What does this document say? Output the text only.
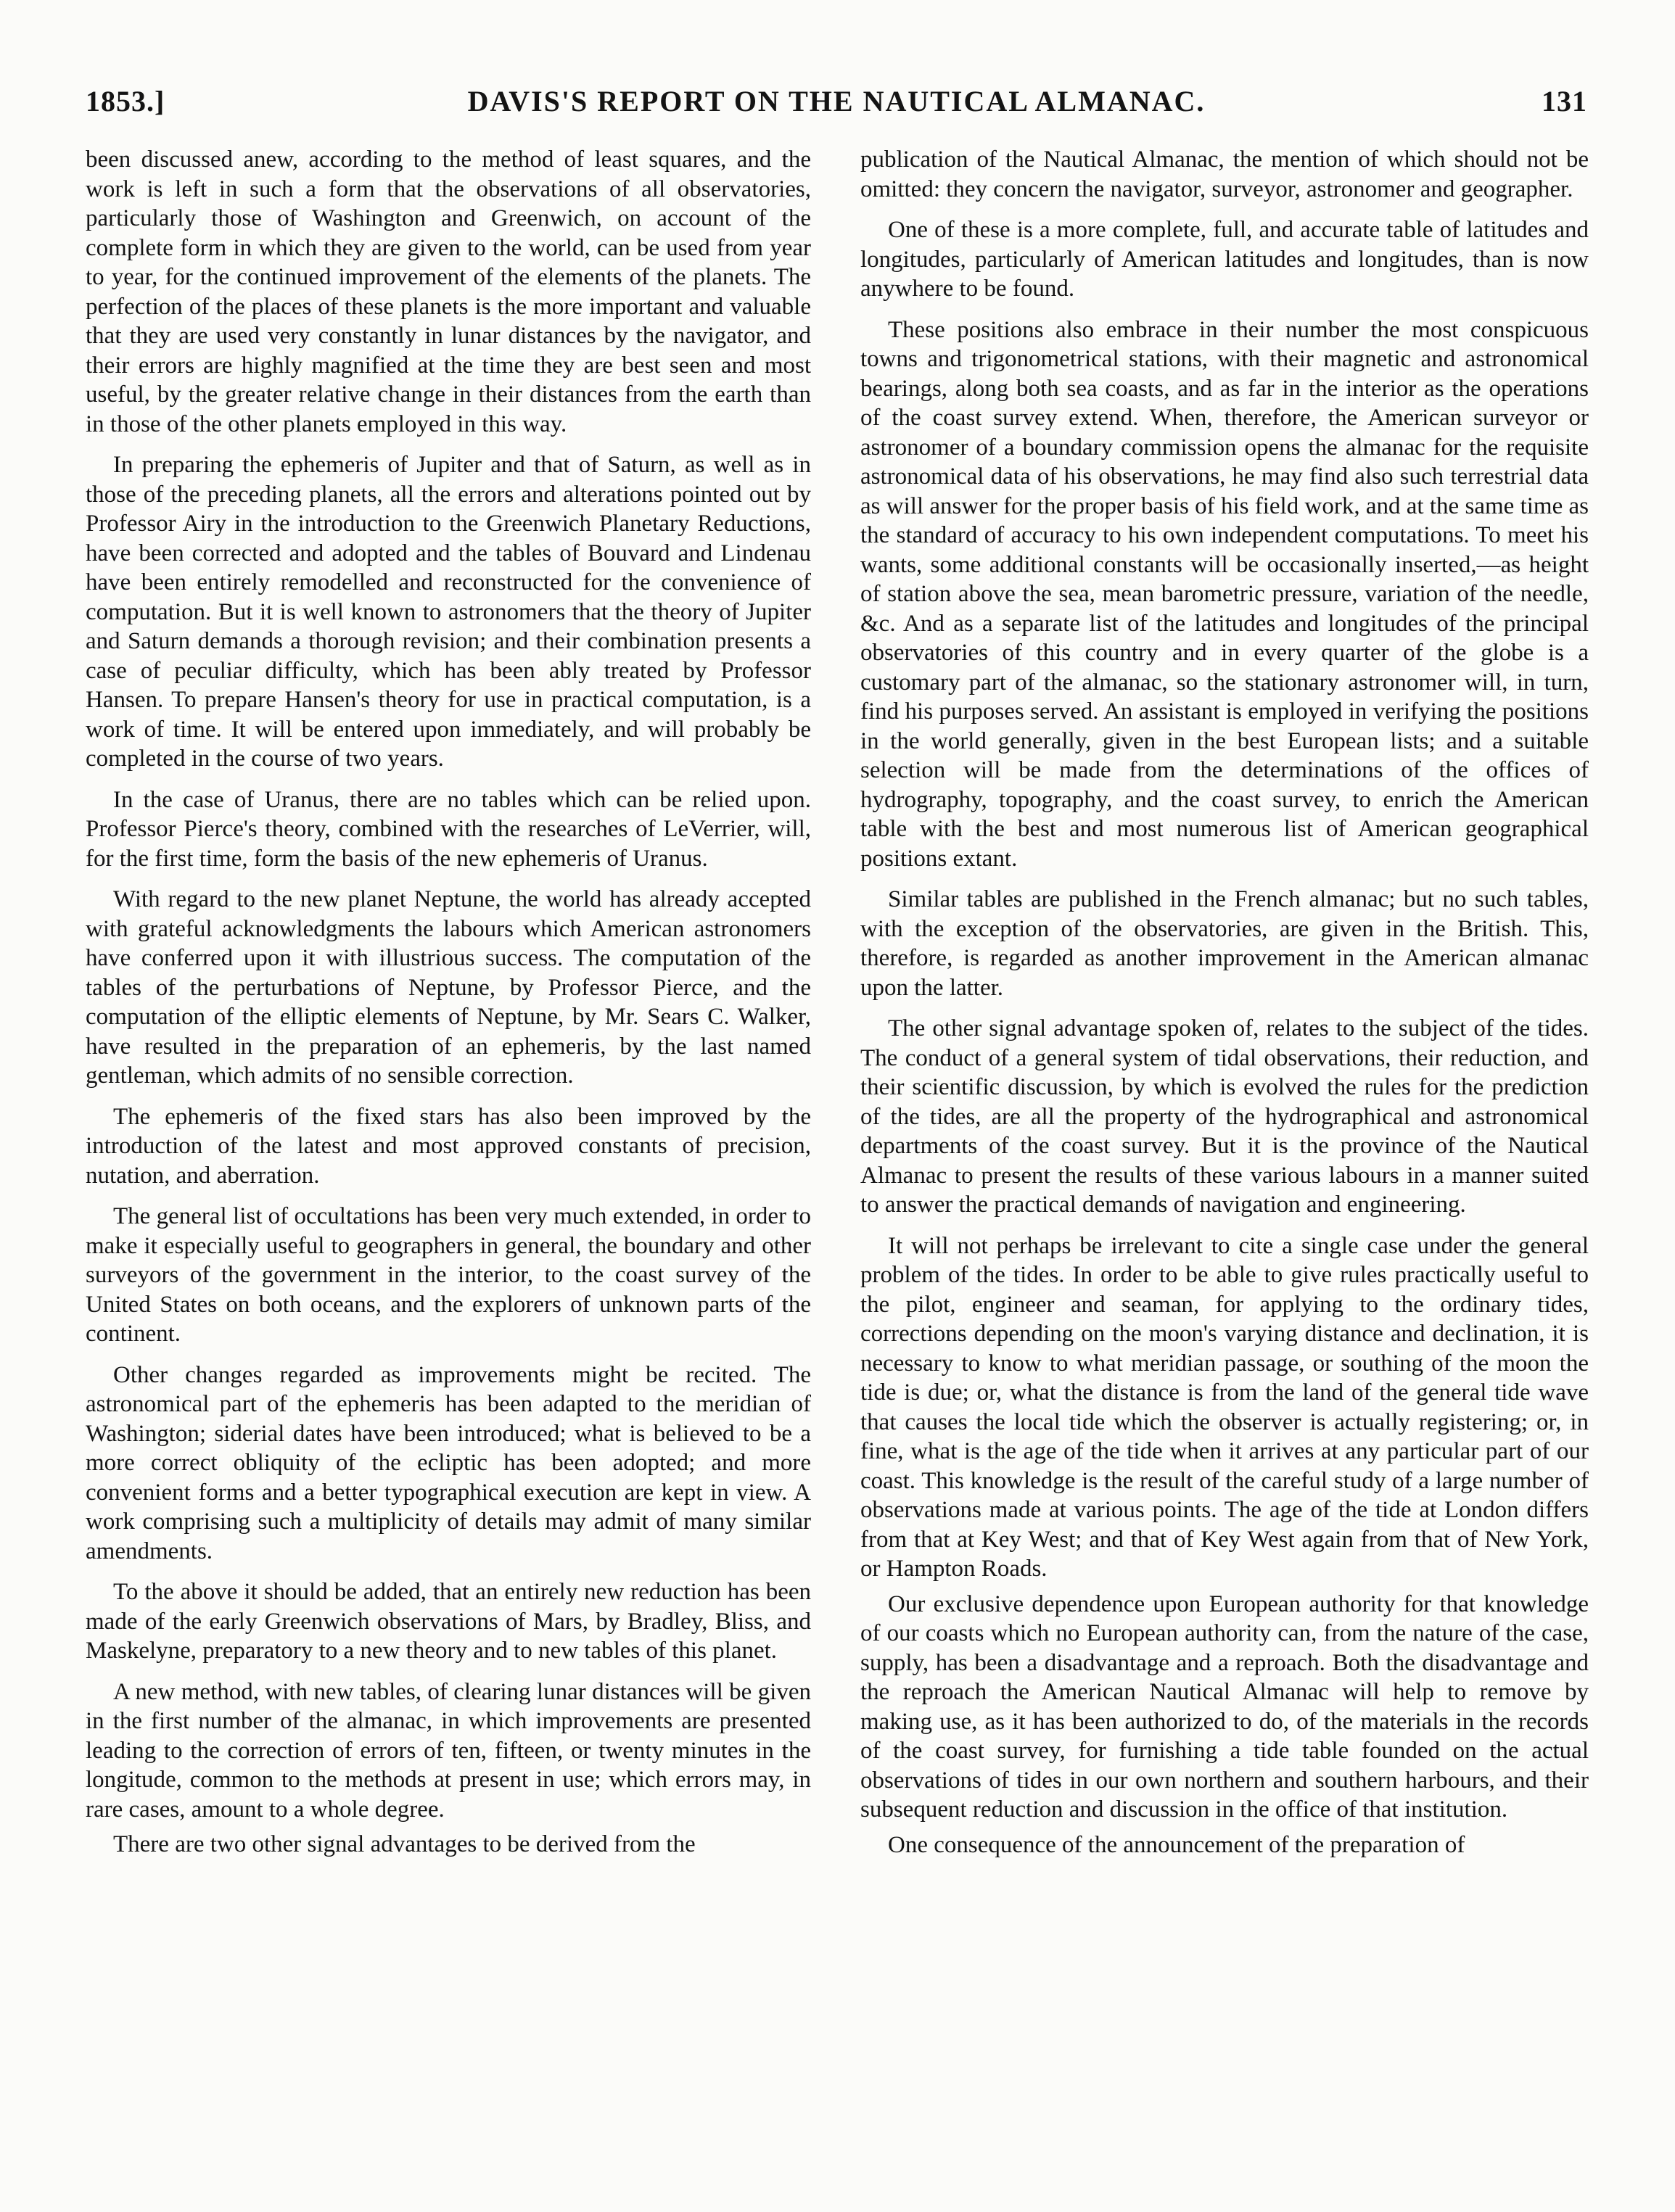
1853.]	DAVIS'S REPORT ON THE NAUTICAL ALMANAC.	131

been discussed anew, according to the method of least squares, and the work is left in such a form that the observations of all observatories, particularly those of Washington and Greenwich, on account of the complete form in which they are given to the world, can be used from year to year, for the continued improvement of the elements of the planets. The perfection of the places of these planets is the more important and valuable that they are used very constantly in lunar distances by the navigator, and their errors are highly magnified at the time they are best seen and most useful, by the greater relative change in their distances from the earth than in those of the other planets employed in this way.

In preparing the ephemeris of Jupiter and that of Saturn, as well as in those of the preceding planets, all the errors and alterations pointed out by Professor Airy in the introduction to the Greenwich Planetary Reductions, have been corrected and adopted and the tables of Bouvard and Lindenau have been entirely remodelled and reconstructed for the convenience of computation. But it is well known to astronomers that the theory of Jupiter and Saturn demands a thorough revision; and their combination presents a case of peculiar difficulty, which has been ably treated by Professor Hansen. To prepare Hansen's theory for use in practical computation, is a work of time. It will be entered upon immediately, and will probably be completed in the course of two years.

In the case of Uranus, there are no tables which can be relied upon. Professor Pierce's theory, combined with the researches of LeVerrier, will, for the first time, form the basis of the new ephemeris of Uranus.

With regard to the new planet Neptune, the world has already accepted with grateful acknowledgments the labours which American astronomers have conferred upon it with illustrious success. The computation of the tables of the perturbations of Neptune, by Professor Pierce, and the computation of the elliptic elements of Neptune, by Mr. Sears C. Walker, have resulted in the preparation of an ephemeris, by the last named gentleman, which admits of no sensible correction.

The ephemeris of the fixed stars has also been improved by the introduction of the latest and most approved constants of precision, nutation, and aberration.

The general list of occultations has been very much extended, in order to make it especially useful to geographers in general, the boundary and other surveyors of the government in the interior, to the coast survey of the United States on both oceans, and the explorers of unknown parts of the continent.

Other changes regarded as improvements might be recited. The astronomical part of the ephemeris has been adapted to the meridian of Washington; siderial dates have been introduced; what is believed to be a more correct obliquity of the ecliptic has been adopted; and more convenient forms and a better typographical execution are kept in view. A work comprising such a multiplicity of details may admit of many similar amendments.

To the above it should be added, that an entirely new reduction has been made of the early Greenwich observations of Mars, by Bradley, Bliss, and Maskelyne, preparatory to a new theory and to new tables of this planet.

A new method, with new tables, of clearing lunar distances will be given in the first number of the almanac, in which improvements are presented leading to the correction of errors of ten, fifteen, or twenty minutes in the longitude, common to the methods at present in use; which errors may, in rare cases, amount to a whole degree.

There are two other signal advantages to be derived from the

publication of the Nautical Almanac, the mention of which should not be omitted: they concern the navigator, surveyor, astronomer and geographer.

One of these is a more complete, full, and accurate table of latitudes and longitudes, particularly of American latitudes and longitudes, than is now anywhere to be found.

These positions also embrace in their number the most conspicuous towns and trigonometrical stations, with their magnetic and astronomical bearings, along both sea coasts, and as far in the interior as the operations of the coast survey extend. When, therefore, the American surveyor or astronomer of a boundary commission opens the almanac for the requisite astronomical data of his observations, he may find also such terrestrial data as will answer for the proper basis of his field work, and at the same time as the standard of accuracy to his own independent computations. To meet his wants, some additional constants will be occasionally inserted,—as height of station above the sea, mean barometric pressure, variation of the needle, &c. And as a separate list of the latitudes and longitudes of the principal observatories of this country and in every quarter of the globe is a customary part of the almanac, so the stationary astronomer will, in turn, find his purposes served. An assistant is employed in verifying the positions in the world generally, given in the best European lists; and a suitable selection will be made from the determinations of the offices of hydrography, topography, and the coast survey, to enrich the American table with the best and most numerous list of American geographical positions extant.

Similar tables are published in the French almanac; but no such tables, with the exception of the observatories, are given in the British. This, therefore, is regarded as another improvement in the American almanac upon the latter.

The other signal advantage spoken of, relates to the subject of the tides. The conduct of a general system of tidal observations, their reduction, and their scientific discussion, by which is evolved the rules for the prediction of the tides, are all the property of the hydrographical and astronomical departments of the coast survey. But it is the province of the Nautical Almanac to present the results of these various labours in a manner suited to answer the practical demands of navigation and engineering.

It will not perhaps be irrelevant to cite a single case under the general problem of the tides. In order to be able to give rules practically useful to the pilot, engineer and seaman, for applying to the ordinary tides, corrections depending on the moon's varying distance and declination, it is necessary to know to what meridian passage, or southing of the moon the tide is due; or, what the distance is from the land of the general tide wave that causes the local tide which the observer is actually registering; or, in fine, what is the age of the tide when it arrives at any particular part of our coast. This knowledge is the result of the careful study of a large number of observations made at various points. The age of the tide at London differs from that at Key West; and that of Key West again from that of New York, or Hampton Roads.

Our exclusive dependence upon European authority for that knowledge of our coasts which no European authority can, from the nature of the case, supply, has been a disadvantage and a reproach. Both the disadvantage and the reproach the American Nautical Almanac will help to remove by making use, as it has been authorized to do, of the materials in the records of the coast survey, for furnishing a tide table founded on the actual observations of tides in our own northern and southern harbours, and their subsequent reduction and discussion in the office of that institution.

One consequence of the announcement of the preparation of
